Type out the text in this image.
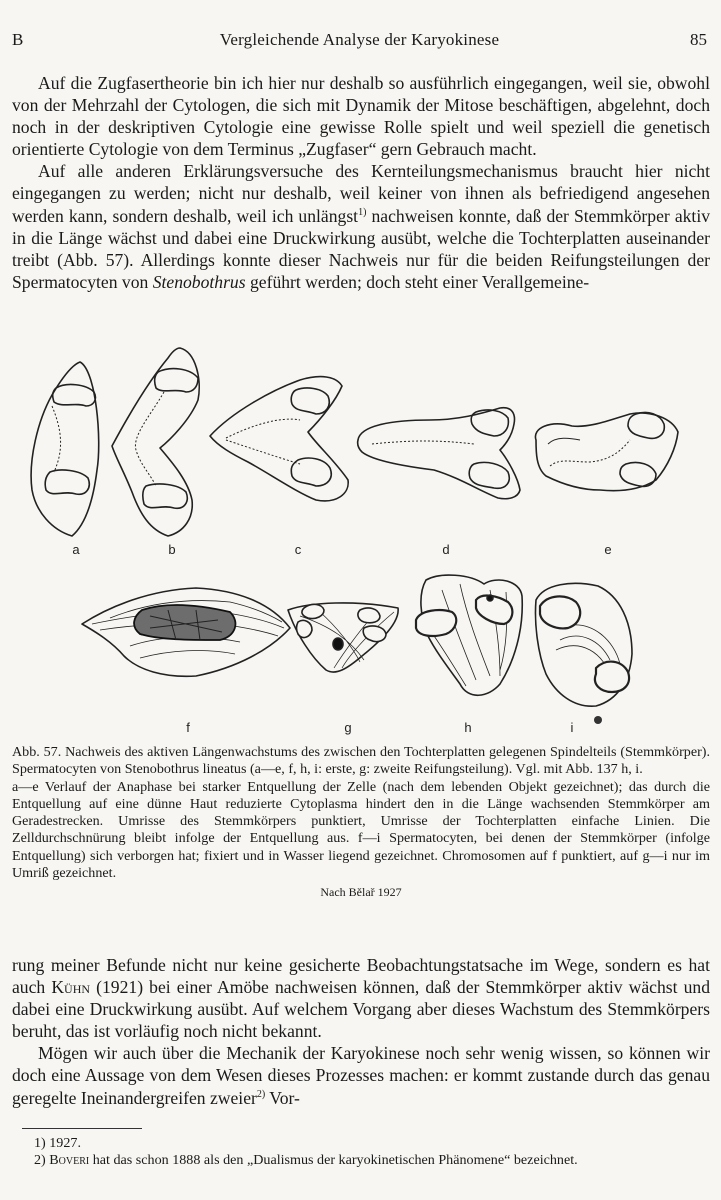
B	Vergleichende Analyse der Karyokinese	85

Auf die Zugfasertheorie bin ich hier nur deshalb so ausführlich eingegangen, weil sie, obwohl von der Mehrzahl der Cytologen, die sich mit Dynamik der Mitose beschäftigen, abgelehnt, doch noch in der deskriptiven Cytologie eine gewisse Rolle spielt und weil speziell die genetisch orientierte Cytologie von dem Terminus „Zugfaser“ gern Gebrauch macht.

Auf alle anderen Erklärungsversuche des Kernteilungsmechanismus braucht hier nicht eingegangen zu werden; nicht nur deshalb, weil keiner von ihnen als befriedigend angesehen werden kann, sondern deshalb, weil ich unlängst$^{1)}$ nachweisen konnte, daß der Stemmkörper aktiv in die Länge wächst und dabei eine Druckwirkung ausübt, welche die Tochterplatten auseinander treibt (Abb. 57). Allerdings konnte dieser Nachweis nur für die beiden Reifungsteilungen der Spermatocyten von Stenobothrus geführt werden; doch steht einer Verallgemeine-

a	b	c	d	e
f	g	h	i

Abb. 57. Nachweis des aktiven Längenwachstums des zwischen den Tochterplatten gelegenen Spindelteils (Stemmkörper). Spermatocyten von Stenobothrus lineatus (a—e, f, h, i: erste, g: zweite Reifungsteilung). Vgl. mit Abb. 137 h, i.

a—e Verlauf der Anaphase bei starker Entquellung der Zelle (nach dem lebenden Objekt gezeichnet); das durch die Entquellung auf eine dünne Haut reduzierte Cytoplasma hindert den in die Länge wachsenden Stemmkörper am Geradestrecken. Umrisse des Stemmkörpers punktiert, Umrisse der Tochterplatten einfache Linien. Die Zelldurchschnürung bleibt infolge der Entquellung aus. f—i Spermatocyten, bei denen der Stemmkörper (infolge Entquellung) sich verborgen hat; fixiert und in Wasser liegend gezeichnet. Chromosomen auf f punktiert, auf g—i nur im Umriß gezeichnet.

Nach Bělař 1927

rung meiner Befunde nicht nur keine gesicherte Beobachtungstatsache im Wege, sondern es hat auch Kühn (1921) bei einer Amöbe nachweisen können, daß der Stemmkörper aktiv wächst und dabei eine Druckwirkung ausübt. Auf welchem Vorgang aber dieses Wachstum des Stemmkörpers beruht, das ist vorläufig noch nicht bekannt.

Mögen wir auch über die Mechanik der Karyokinese noch sehr wenig wissen, so können wir doch eine Aussage von dem Wesen dieses Prozesses machen: er kommt zustande durch das genau geregelte Ineinandergreifen zweier$^{2)}$ Vor-

1) 1927.

2) Boveri hat das schon 1888 als den „Dualismus der karyokinetischen Phänomene“ bezeichnet.
